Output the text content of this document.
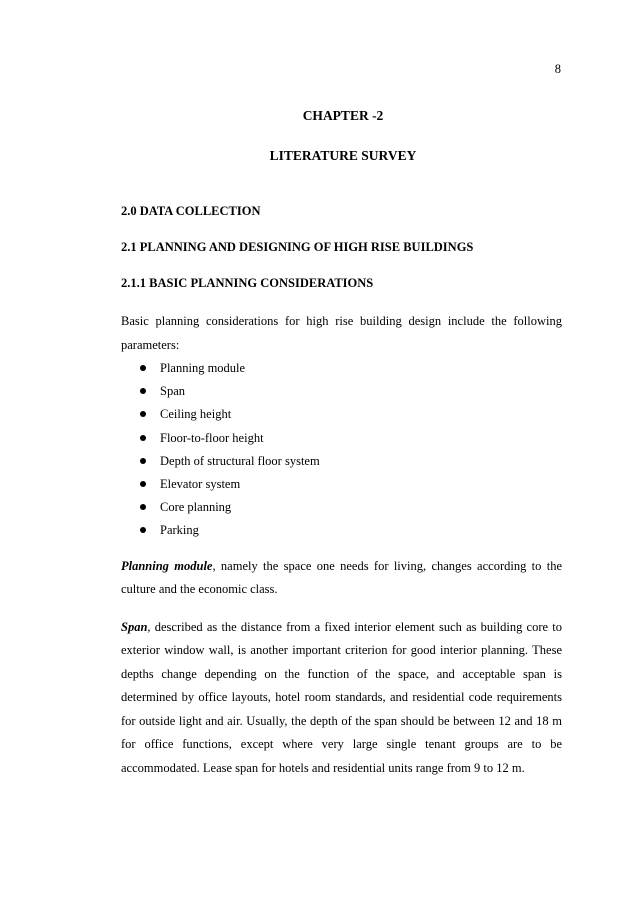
8
CHAPTER -2
LITERATURE SURVEY
2.0 DATA COLLECTION
2.1 PLANNING AND DESIGNING OF HIGH RISE BUILDINGS
2.1.1 BASIC PLANNING CONSIDERATIONS

Basic planning considerations for high rise building design include the following parameters:

Planning module
Span
Ceiling height
Floor-to-floor height
Depth of structural floor system
Elevator system
Core planning
Parking

Planning module, namely the space one needs for living, changes according to the culture and the economic class.

Span, described as the distance from a fixed interior element such as building core to exterior window wall, is another important criterion for good interior planning. These depths change depending on the function of the space, and acceptable span is determined by office layouts, hotel room standards, and residential code requirements for outside light and air. Usually, the depth of the span should be between 12 and 18 m for office functions, except where very large single tenant groups are to be accommodated. Lease span for hotels and residential units range from 9 to 12 m.
